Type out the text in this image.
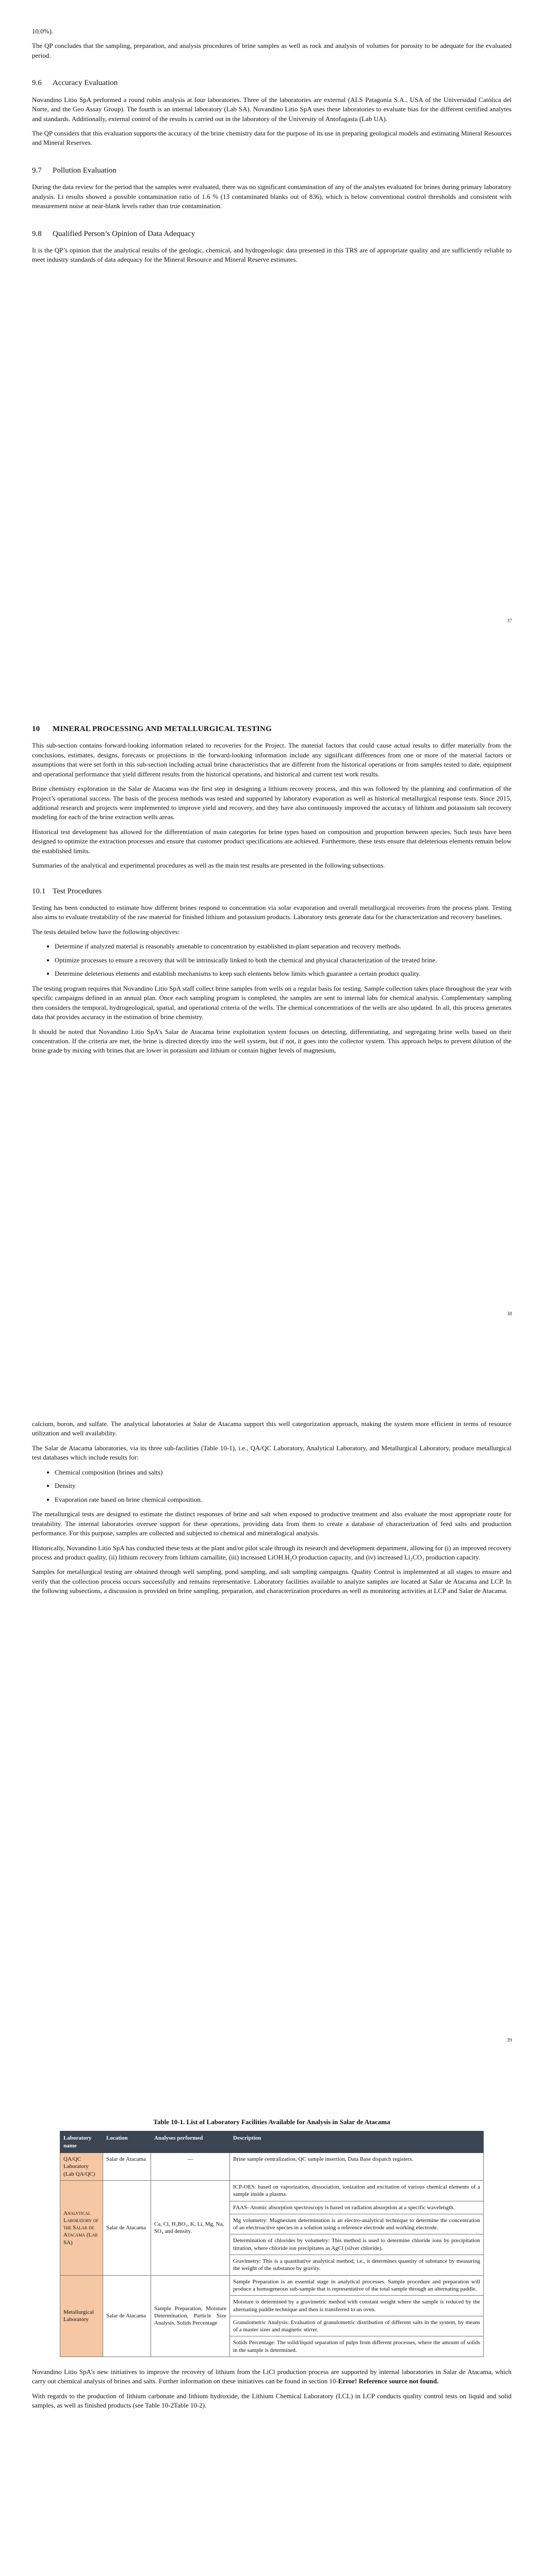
10.0%).

The QP concludes that the sampling, preparation, and analysis procedures of brine samples as well as rock and analysis of volumes for porosity to be adequate for the evaluated period.

9.6 Accuracy Evaluation

Novandino Litio SpA performed a round robin analysis at four laboratories. Three of the laboratories are external (ALS Patagonia S.A., USA of the Universidad Católica del Norte, and the Geo Assay Group). The fourth is an internal laboratory (Lab SA). Novandino Litio SpA uses these laboratories to evaluate bias for the different certified analytes and standards. Additionally, external control of the results is carried out in the laboratory of the University of Antofagasta (Lab UA).

The QP considers that this evaluation supports the accuracy of the brine chemistry data for the purpose of its use in preparing geological models and estimating Mineral Resources and Mineral Reserves.

9.7 Pollution Evaluation

During the data review for the period that the samples were evaluated, there was no significant contamination of any of the analytes evaluated for brines during primary laboratory analysis. Li results showed a possible contamination ratio of 1.6 % (13 contaminated blanks out of 836), which is below conventional control thresholds and consistent with measurement noise at near-blank levels rather than true contamination.

9.8 Qualified Person’s Opinion of Data Adequacy

It is the QP’s opinion that the analytical results of the geologic, chemical, and hydrogeologic data presented in this TRS are of appropriate quality and are sufficiently reliable to meet industry standards of data adequacy for the Mineral Resource and Mineral Reserve estimates.

37
10 MINERAL PROCESSING AND METALLURGICAL TESTING

This sub-section contains forward-looking information related to recoveries for the Project. The material factors that could cause actual results to differ materially from the conclusions, estimates, designs, forecasts or projections in the forward-looking information include any significant differences from one or more of the material factors or assumptions that were set forth in this sub-section including actual brine characteristics that are different from the historical operations or from samples tested to date, equipment and operational performance that yield different results from the historical operations, and historical and current test work results.

Brine chemistry exploration in the Salar de Atacama was the first step in designing a lithium recovery process, and this was followed by the planning and confirmation of the Project’s operational success. The basis of the process methods was tested and supported by laboratory evaporation as well as historical metallurgical response tests. Since 2015, additional research and projects were implemented to improve yield and recovery, and they have also continuously improved the accuracy of lithium and potassium salt recovery modeling for each of the brine extraction wells areas.

Historical test development has allowed for the differentiation of main categories for brine types based on composition and proportion between species. Such tests have been designed to optimize the extraction processes and ensure that customer product specifications are achieved. Furthermore, these tests ensure that deleterious elements remain below the established limits.

Summaries of the analytical and experimental procedures as well as the main test results are presented in the following subsections.

10.1 Test Procedures

Testing has been conducted to estimate how different brines respond to concentration via solar evaporation and overall metallurgical recoveries from the process plant. Testing also aims to evaluate treatability of the raw material for finished lithium and potassium products. Laboratory tests generate data for the characterization and recovery baselines.

The tests detailed below have the following objectives:

• Determine if analyzed material is reasonably amenable to concentration by established in-plant separation and recovery methods.
• Optimize processes to ensure a recovery that will be intrinsically linked to both the chemical and physical characterization of the treated brine.
• Determine deleterious elements and establish mechanisms to keep such elements below limits which guarantee a certain product quality.

The testing program requires that Novandino Litio SpA staff collect brine samples from wells on a regular basis for testing. Sample collection takes place throughout the year with specific campaigns defined in an annual plan. Once each sampling program is completed, the samples are sent to internal labs for chemical analysis. Complementary sampling then considers the temporal, hydrogeological, spatial, and operational criteria of the wells. The chemical concentrations of the wells are also updated. In all, this process generates data that provides accuracy in the estimation of brine chemistry.

It should be noted that Novandino Litio SpA’s Salar de Atacama brine exploitation system focuses on detecting, differentiating, and segregating brine wells based on their concentration. If the criteria are met, the brine is directed directly into the well system, but if not, it goes into the collector system. This approach helps to prevent dilution of the brine grade by mixing with brines that are lower in potassium and lithium or contain higher levels of magnesium,

38

calcium, boron, and sulfate. The analytical laboratories at Salar de Atacama support this well categorization approach, making the system more efficient in terms of resource utilization and well availability.

The Salar de Atacama laboratories, via its three sub-facilities (Table 10-1), i.e., QA/QC Laboratory, Analytical Laboratory, and Metallurgical Laboratory, produce metallurgical test databases which include results for:

• Chemical composition (brines and salts)
• Density
• Evaporation rate based on brine chemical composition.

The metallurgical tests are designed to estimate the distinct responses of brine and salt when exposed to productive treatment and also evaluate the most appropriate route for treatability. The internal laboratories oversee support for these operations, providing data from them to create a database of characterization of feed salts and production performance. For this purpose, samples are collected and subjected to chemical and mineralogical analysis.

Historically, Novandino Litio SpA has conducted these tests at the plant and/or pilot scale through its research and development department, allowing for (i) an improved recovery process and product quality, (ii) lithium recovery from lithium carnallite, (iii) increased LiOH.H₂O production capacity, and (iv) increased Li₂CO₃ production capacity.

Samples for metallurgical testing are obtained through well sampling, pond sampling, and salt sampling campaigns. Quality Control is implemented at all stages to ensure and verify that the collection process occurs successfully and remains representative. Laboratory facilities available to analyze samples are located at Salar de Atacama and LCP. In the following subsections, a discussion is provided on brine sampling, preparation, and characterization procedures as well as monitoring activities at LCP and Salar de Atacama.

39
Table 10-1. List of Laboratory Facilities Available for Analysis in Salar de Atacama
Laboratory name	Location	Analyses performed	Description
QA/QC Laboratory (Lab QA/QC)	Salar de Atacama	—	Brine sample centralization, QC sample insertion, Data Base dispatch registers.
Analytical Laboratory of the Salar de Atacama (Lab SA)	Salar de Atacama	Ca, Cl, H₃BO₃, K, Li, Mg, Na, SO₄ and density.	ICP-OES: based on vaporization, dissociation, ionization and excitation of various chemical elements of a sample inside a plasma.
			FAAS- Atomic absorption spectroscopy is based on radiation absorption at a specific wavelength.
			Mg volumetry: Magnesium determination is an electro-analytical technique to determine the concentration of an electroactive species in a solution using a reference electrode and working electrode.
			Determination of chlorides by volumetry: This method is used to determine chloride ions by precipitation titration, where chloride ion precipitates as AgCl (silver chloride).
			Gravimetry: This is a quantitative analytical method, i.e., it determines quantity of substance by measuring the weight of the substance by gravity.
Metallurgical Laboratory	Salar de Atacama	Sample Preparation, Moisture Determination, Particle Size Analysis, Solids Percentage	Sample Preparation is an essential stage in analytical processes. Sample procedure and preparation will produce a homogeneous sub-sample that is representative of the total sample through an alternating paddle.
			Moisture is determined by a gravimetric method with constant weight where the sample is reduced by the alternating paddle technique and then is transferred to an oven.
			Granulometric Analysis: Evaluation of granulometric distribution of different salts in the system, by means of a master sizer and magnetic stirrer.
			Solids Percentage: The solid/liquid separation of pulps from different processes, where the amount of solids in the sample is determined.

Novandino Litio SpA’s new initiatives to improve the recovery of lithium from the LiCl production process are supported by internal laboratories in Salar de Atacama, which carry out chemical analysis of brines and salts. Further information on these initiatives can be found in section 10-Error! Reference source not found.

With regards to the production of lithium carbonate and lithium hydroxide, the Lithium Chemical Laboratory (LCL) in LCP conducts quality control tests on liquid and solid samples, as well as finished products (see Table 10-2Table 10-2).
